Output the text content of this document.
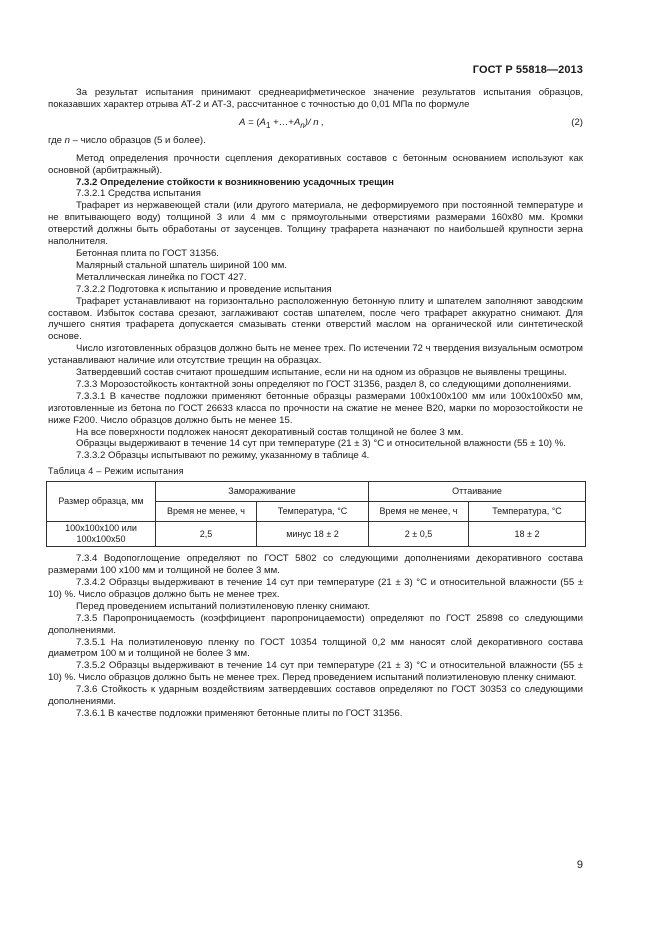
ГОСТ Р 55818—2013

За результат испытания принимают среднеарифметическое значение результатов испытания образцов, показавших характер отрыва АТ-2 и АТ-3, рассчитанное с точностью до 0,01 МПа по формуле

$A = (A_1$ $+\dots+A_n)/$ n ,	(2)

где n – число образцов (5 и более).

Метод определения прочности сцепления декоративных составов с бетонным основанием используют как основной (арбитражный).

7.3.2 Определение стойкости к возникновению усадочных трещин

7.3.2.1 Средства испытания

Трафарет из нержавеющей стали (или другого материала, не деформируемого при постоянной температуре и не впитывающего воду) толщиной 3 или 4 мм с прямоугольными отверстиями размерами 160х80 мм. Кромки отверстий должны быть обработаны от заусенцев. Толщину трафарета назначают по наибольшей крупности зерна наполнителя.

Бетонная плита по ГОСТ 31356.

Малярный стальной шпатель шириной 100 мм.

Металлическая линейка по ГОСТ 427.

7.3.2.2 Подготовка к испытанию и проведение испытания

Трафарет устанавливают на горизонтально расположенную бетонную плиту и шпателем заполняют заводским составом. Избыток состава срезают, заглаживают состав шпателем, после чего трафарет аккуратно снимают. Для лучшего снятия трафарета допускается смазывать стенки отверстий маслом на органической или синтетической основе.

Число изготовленных образцов должно быть не менее трех. По истечении 72 ч твердения визуальным осмотром устанавливают наличие или отсутствие трещин на образцах.

Затвердевший состав считают прошедшим испытание, если ни на одном из образцов не выявлены трещины.

7.3.3 Морозостойкость контактной зоны определяют по ГОСТ 31356, раздел 8, со следующими дополнениями.

7.3.3.1 В качестве подложки применяют бетонные образцы размерами 100х100х100 мм или 100х100х50 мм, изготовленные из бетона по ГОСТ 26633 класса по прочности на сжатие не менее В20, марки по морозостойкости не ниже F200. Число образцов должно быть не менее 15.

На все поверхности подложек наносят декоративный состав толщиной не более 3 мм.

Образцы выдерживают в течение 14 сут при температуре (21 ± 3) °С и относительной влажности (55 ± 10) %.

7.3.3.2 Образцы испытывают по режиму, указанному в таблице 4.

Таблица 4 – Режим испытания

Размер образца, мм	Замораживание		Оттаивание	
	Время не менее, ч	Температура, °С	Время не менее, ч	Температура, °С
100х100х100 или 100х100х50	2,5	минус 18 ± 2	2 ± 0,5	18 ± 2

7.3.4 Водопоглощение определяют по ГОСТ 5802 со следующими дополнениями декоративного состава размерами 100 х100 мм и толщиной не более 3 мм.

7.3.4.2 Образцы выдерживают в течение 14 сут при температуре (21 ± 3) °С и относительной влажности (55 ± 10) %. Число образцов должно быть не менее трех.

Перед проведением испытаний полиэтиленовую пленку снимают.

7.3.5 Паропроницаемость (коэффициент паропроницаемости) определяют по ГОСТ 25898 со следующими дополнениями.

7.3.5.1 На полиэтиленовую пленку по ГОСТ 10354 толщиной 0,2 мм наносят слой декоративного состава диаметром 100 м и толщиной не более 3 мм.

7.3.5.2 Образцы выдерживают в течение 14 сут при температуре (21 ± 3) °С и относительной влажности (55 ± 10) %. Число образцов должно быть не менее трех. Перед проведением испытаний полиэтиленовую пленку снимают.

7.3.6 Стойкость к ударным воздействиям затвердевших составов определяют по ГОСТ 30353 со следующими дополнениями.

7.3.6.1 В качестве подложки применяют бетонные плиты по ГОСТ 31356.

9
